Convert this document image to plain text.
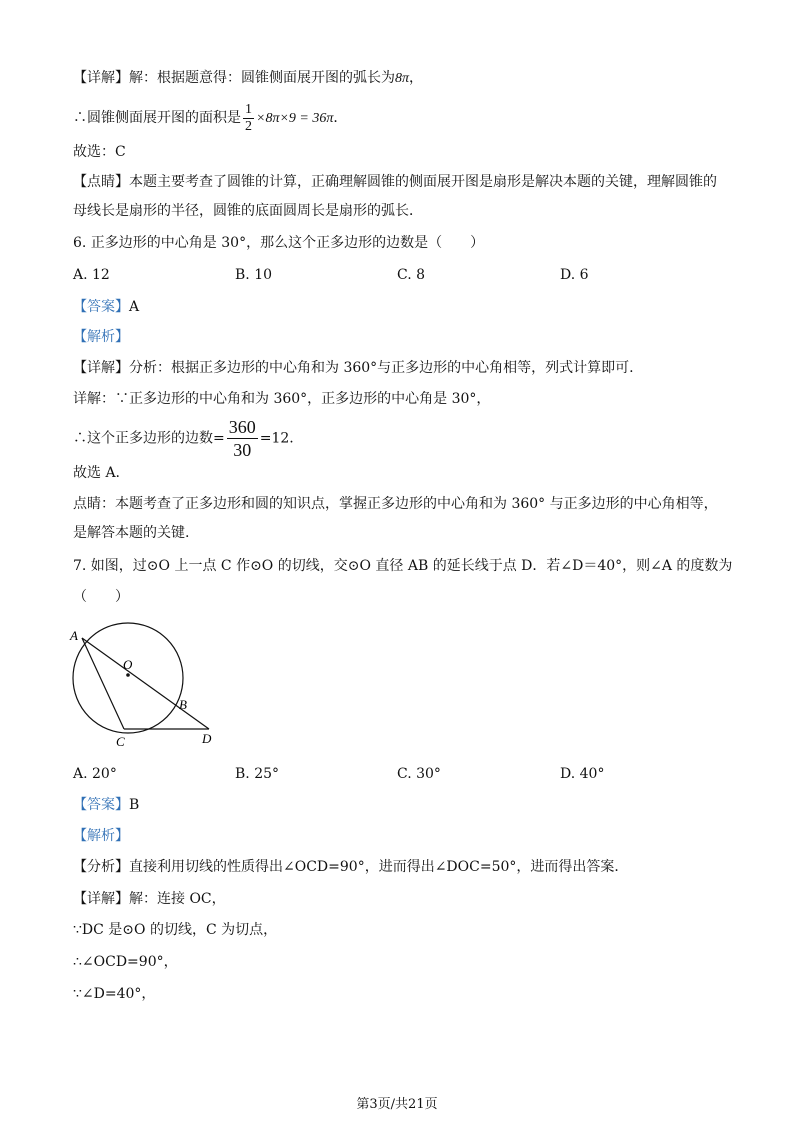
【详解】解：根据题意得：圆锥侧面展开图的弧长为8π，
∴圆锥侧面展开图的面积是 $\frac{1}{2} \times 8\pi\times 9 = 36\pi$．
故选：C
【点睛】本题主要考查了圆锥的计算，正确理解圆锥的侧面展开图是扇形是解决本题的关键，理解圆锥的
母线长是扇形的半径，圆锥的底面圆周长是扇形的弧长．
6. 正多边形的中心角是 30°，那么这个正多边形的边数是（　　）
A. 12	B. 10	C. 8	D. 6
【答案】A
【解析】
【详解】分析：根据正多边形的中心角和为 360°与正多边形的中心角相等，列式计算即可.
详解：∵正多边形的中心角和为 360°，正多边形的中心角是 30°，
∴这个正多边形的边数= $\frac{360}{30} =12$.
故选 A.
点睛：本题考查了正多边形和圆的知识点，掌握正多边形的中心角和为 360° 与正多边形的中心角相等，
是解答本题的关键.
7. 如图，过⊙O 上一点 C 作⊙O 的切线，交⊙O 直径 AB 的延长线于点 D．若∠D＝40°，则∠A 的度数为
（　　）
A
O
B
C	D
A. 20°	B. 25°	C. 30°	D. 40°
【答案】B
【解析】
【分析】直接利用切线的性质得出∠OCD=90°，进而得出∠DOC=50°，进而得出答案．
【详解】解：连接 OC，
∵DC 是⊙O 的切线，C 为切点，
∴∠OCD=90°，
∵∠D=40°，
第3页/共21页
